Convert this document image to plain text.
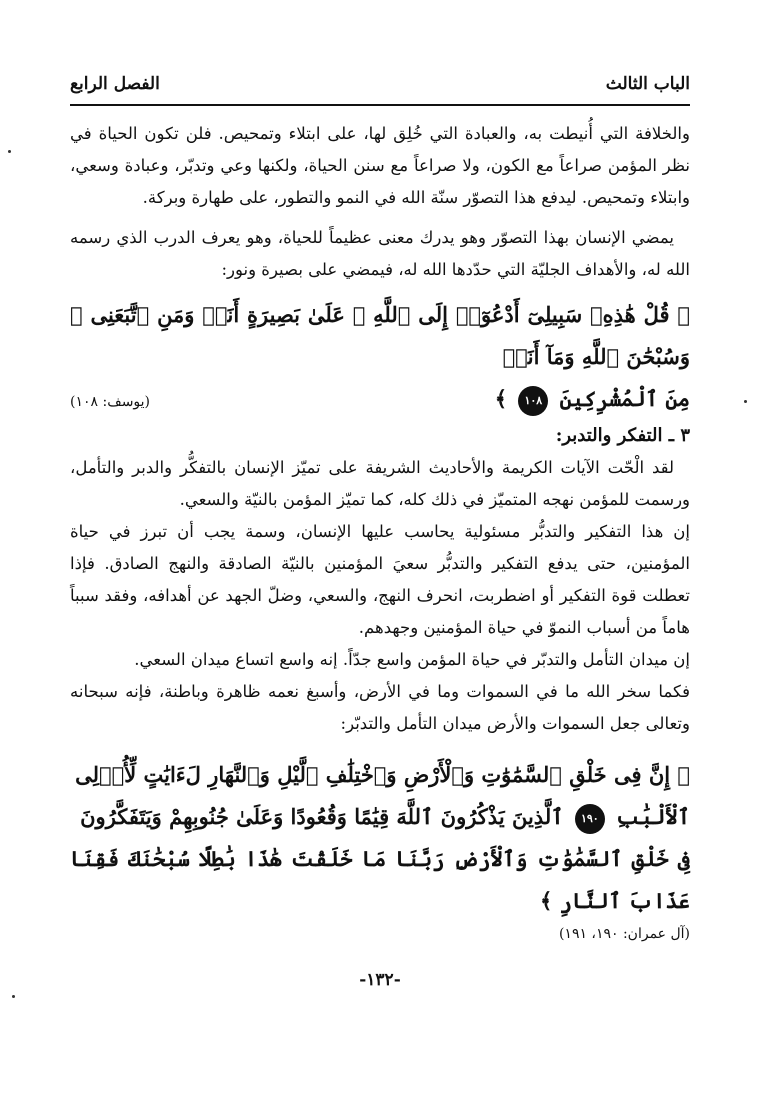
الباب الثالث
الفصل الرابع

والخلافة التي أُنيطت به، والعبادة التي خُلِق لها، على ابتلاء وتمحيص. فلن تكون الحياة في نظر المؤمن صراعاً مع الكون، ولا صراعاً مع سنن الحياة، ولكنها وعي وتدبّر، وعبادة وسعي، وابتلاء وتمحيص. ليدفع هذا التصوّر سنّة الله في النمو والتطور، على طهارة وبركة.

يمضي الإنسان بهذا التصوّر وهو يدرك معنى عظيماً للحياة، وهو يعرف الدرب الذي رسمه الله له، والأهداف الجليّة التي حدّدها الله له، فيمضي على بصيرة ونور:

﴿ قُلْ هَٰذِهِۦ سَبِيلِىٓ أَدْعُوٓا۟ إِلَى ٱللَّهِ ۚ عَلَىٰ بَصِيرَةٍ أَنَا۠ وَمَنِ ٱتَّبَعَنِى ۖ وَسُبْحَٰنَ ٱللَّهِ وَمَآ أَنَا۠

مِنَ ٱلْمُشْرِكِينَ ١٠٨ ﴾

(يوسف: ١٠٨)
٣ ـ التفكر والتدبر:

لقد الْحّت الآيات الكريمة والأحاديث الشريفة على تميّز الإنسان بالتفكُّر والدبر والتأمل، ورسمت للمؤمن نهجه المتميّز في ذلك كله، كما تميّز المؤمن بالنيّة والسعي.

إن هذا التفكير والتدبُّر مسئولية يحاسب عليها الإنسان، وسمة يجب أن تبرز في حياة المؤمنين، حتى يدفع التفكير والتدبُّر سعيَ المؤمنين بالنيّة الصادقة والنهج الصادق. فإذا تعطلت قوة التفكير أو اضطربت، انحرف النهج، والسعي، وضلّ الجهد عن أهدافه، وفقد سبباً هاماً من أسباب النموّ في حياة المؤمنين وجهدهم.

إن ميدان التأمل والتدبّر في حياة المؤمن واسع جدّاً. إنه واسع اتساع ميدان السعي.

فكما سخر الله ما في السموات وما في الأرض، وأسبغ نعمه ظاهرة وباطنة، فإنه سبحانه وتعالى جعل السموات والأرض ميدان التأمل والتدبّر:

﴿ إِنَّ فِى خَلْقِ ٱلسَّمَٰوَٰتِ وَٱلْأَرْضِ وَٱخْتِلَٰفِ ٱلَّيْلِ وَٱلنَّهَارِ لَءَايَٰتٍ لِّأُو۟لِى

ٱلْأَلْبَٰبِ ١٩٠ ٱلَّذِينَ يَذْكُرُونَ ٱللَّهَ قِيَٰمًا وَقُعُودًا وَعَلَىٰ جُنُوبِهِمْ وَيَتَفَكَّرُونَ

فِى خَلْقِ ٱلسَّمَٰوَٰتِ وَٱلْأَرْضِ رَبَّنَا مَا خَلَقْتَ هَٰذَا بَٰطِلًا سُبْحَٰنَكَ فَقِنَا عَذَابَ ٱلنَّارِ ﴾

(آل عمران: ١٩٠، ١٩١)
-١٣٢-
